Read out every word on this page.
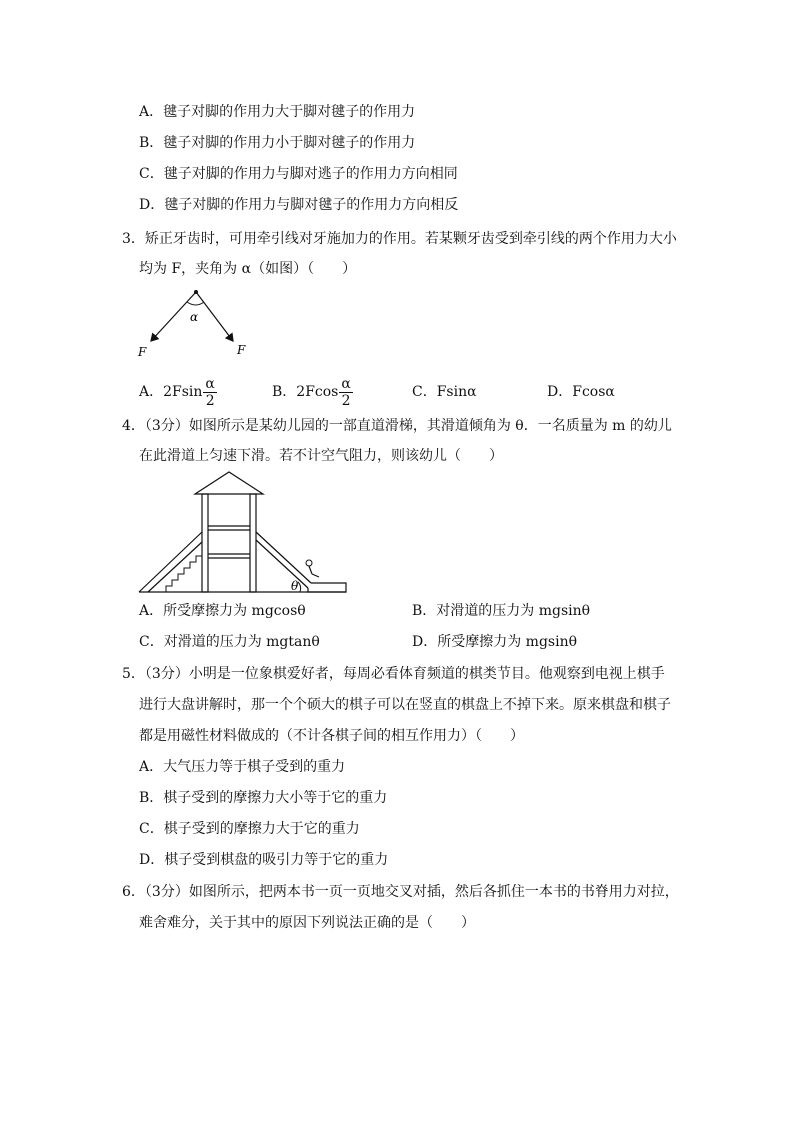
A．毽子对脚的作用力大于脚对毽子的作用力
B．毽子对脚的作用力小于脚对毽子的作用力
C．毽子对脚的作用力与脚对逃子的作用力方向相同
D．毽子对脚的作用力与脚对毽子的作用力方向相反
3．矫正牙齿时，可用牵引线对牙施加力的作用。若某颗牙齿受到牵引线的两个作用力大小
均为 F，夹角为 α（如图）（　　）
α
F	F
A．$2Fsin \frac{\alpha}{2}$	B．$2Fcos \frac{\alpha}{2}$	C．Fsinα	D．Fcosα
4．（3分）如图所示是某幼儿园的一部直道滑梯，其滑道倾角为 θ．一名质量为 m 的幼儿
在此滑道上匀速下滑。若不计空气阻力，则该幼儿（　　）
θ
A．所受摩擦力为 mgcosθ	B．对滑道的压力为 mgsinθ
C．对滑道的压力为 mgtanθ	D．所受摩擦力为 mgsinθ
5．（3分）小明是一位象棋爱好者，每周必看体育频道的棋类节目。他观察到电视上棋手
进行大盘讲解时，那一个个硕大的棋子可以在竖直的棋盘上不掉下来。原来棋盘和棋子
都是用磁性材料做成的（不计各棋子间的相互作用力）（　　）
A．大气压力等于棋子受到的重力
B．棋子受到的摩擦力大小等于它的重力
C．棋子受到的摩擦力大于它的重力
D．棋子受到棋盘的吸引力等于它的重力
6．（3分）如图所示，把两本书一页一页地交叉对插，然后各抓住一本书的书脊用力对拉，
难舍难分，关于其中的原因下列说法正确的是（　　）
